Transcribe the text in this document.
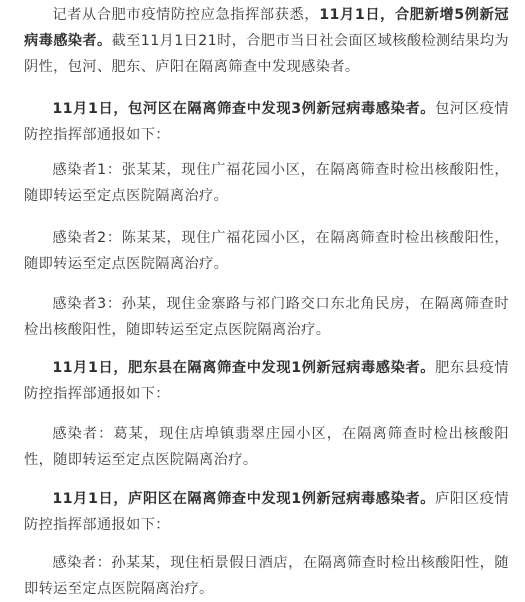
记者从合肥市疫情防控应急指挥部获悉，11月1日，合肥新增5例新冠病毒感染者。截至11月1日21时，合肥市当日社会面区域核酸检测结果均为阴性，包河、肥东、庐阳在隔离筛查中发现感染者。

11月1日，包河区在隔离筛查中发现3例新冠病毒感染者。包河区疫情防控指挥部通报如下：

感染者1：张某某，现住广福花园小区，在隔离筛查时检出核酸阳性，随即转运至定点医院隔离治疗。

感染者2：陈某某，现住广福花园小区，在隔离筛查时检出核酸阳性，随即转运至定点医院隔离治疗。

感染者3：孙某，现住金寨路与祁门路交口东北角民房，在隔离筛查时检出核酸阳性，随即转运至定点医院隔离治疗。

11月1日，肥东县在隔离筛查中发现1例新冠病毒感染者。肥东县疫情防控指挥部通报如下：

感染者：葛某，现住店埠镇翡翠庄园小区，在隔离筛查时检出核酸阳性，随即转运至定点医院隔离治疗。

11月1日，庐阳区在隔离筛查中发现1例新冠病毒感染者。庐阳区疫情防控指挥部通报如下：

感染者：孙某某，现住栢景假日酒店，在隔离筛查时检出核酸阳性，随即转运至定点医院隔离治疗。
